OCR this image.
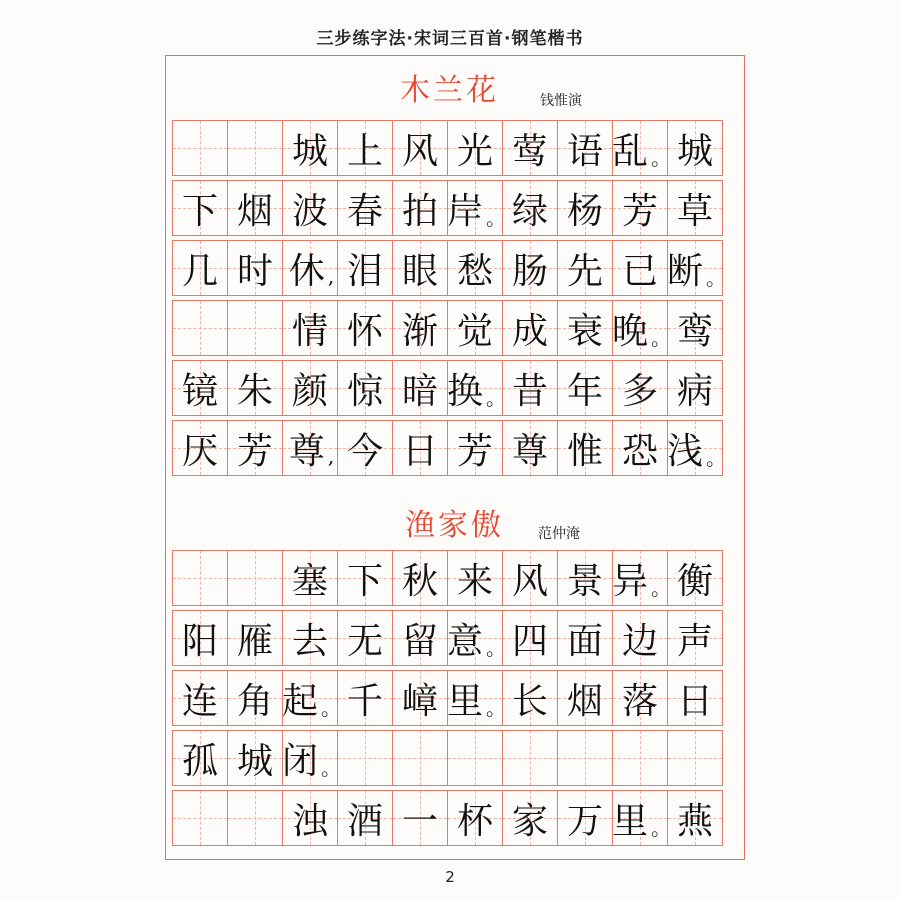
三步练字法·宋词三百首·钢笔楷书
木兰花	钱惟演
城 上 风 光 莺 语 乱 。 城
下 烟 波 春 拍 岸 。 绿 杨 芳 草
几 时 休 , 泪 眼 愁 肠 先 已 断 。
情 怀 渐 觉 成 衰 晚 。 鸾
镜 朱 颜 惊 暗 换 。 昔 年 多 病
厌 芳 尊 , 今 日 芳 尊 惟 恐 浅 。
渔家傲 范仲淹
塞 下 秋 来 风 景 异 。 衡
阳 雁 去 无 留 意 。 四 面 边 声
连 角 起 。 千 嶂 里 。 长 烟 落 日
孤 城 闭 。
浊 酒 一 杯 家 万 里 。 燕
2
